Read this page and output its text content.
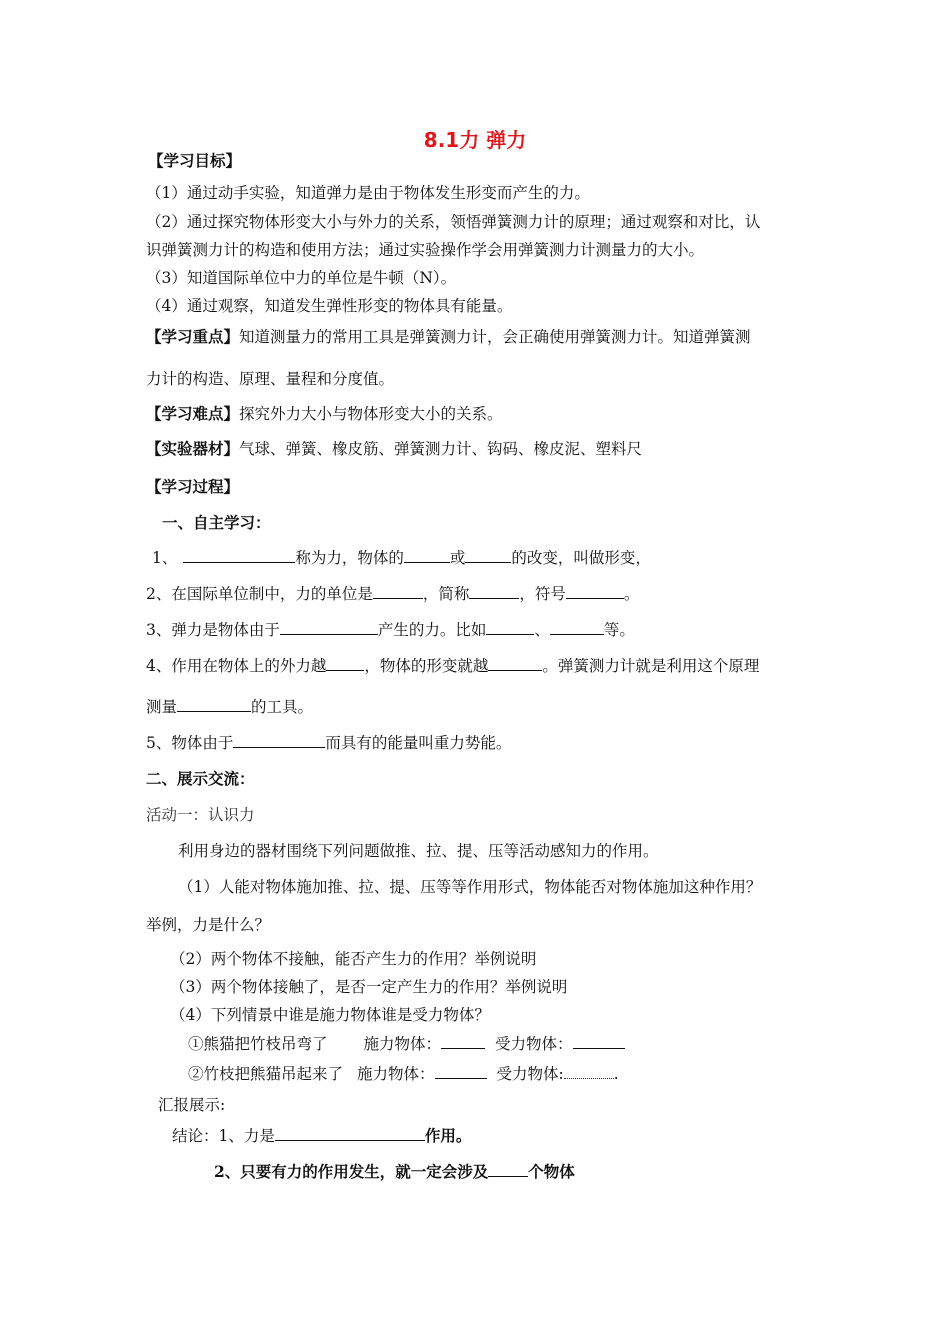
8.1力 弹力
【学习目标】
（1）通过动手实验，知道弹力是由于物体发生形变而产生的力。
（2）通过探究物体形变大小与外力的关系，领悟弹簧测力计的原理；通过观察和对比，认
识弹簧测力计的构造和使用方法；通过实验操作学会用弹簧测力计测量力的大小。
（3）知道国际单位中力的单位是牛顿（N）。
（4）通过观察，知道发生弹性形变的物体具有能量。
【学习重点】知道测量力的常用工具是弹簧测力计，会正确使用弹簧测力计。知道弹簧测
力计的构造、原理、量程和分度值。
【学习难点】探究外力大小与物体形变大小的关系。
【实验器材】气球、弹簧、橡皮筋、弹簧测力计、钩码、橡皮泥、塑料尺
【学习过程】
一、自主学习：
1、	称为力，物体的	或	的改变，叫做形变，
2、在国际单位制中，力的单位是	，简称	，符号	。
3、弹力是物体由于	产生的力。比如	、	等。
4、作用在物体上的外力越 ，物体的形变就越	。弹簧测力计就是利用这个原理
测量	的工具。
5、物体由于	而具有的能量叫重力势能。
二、展示交流：
活动一：认识力
利用身边的器材围绕下列问题做推、拉、提、压等活动感知力的作用。
（1）人能对物体施加推、拉、提、压等等作用形式，物体能否对物体施加这种作用？
举例，力是什么？
（2）两个物体不接触，能否产生力的作用？举例说明
（3）两个物体接触了，是否一定产生力的作用？举例说明
（4）下列情景中谁是施力物体谁是受力物体？
①熊猫把竹枝吊弯了 施力物体：	受力物体：
②竹枝把熊猫吊起来了 施力物体：	受力物体:	.
汇报展示:
结论：1、力是	作用。
2、只要有力的作用发生，就一定会涉及	个物体
